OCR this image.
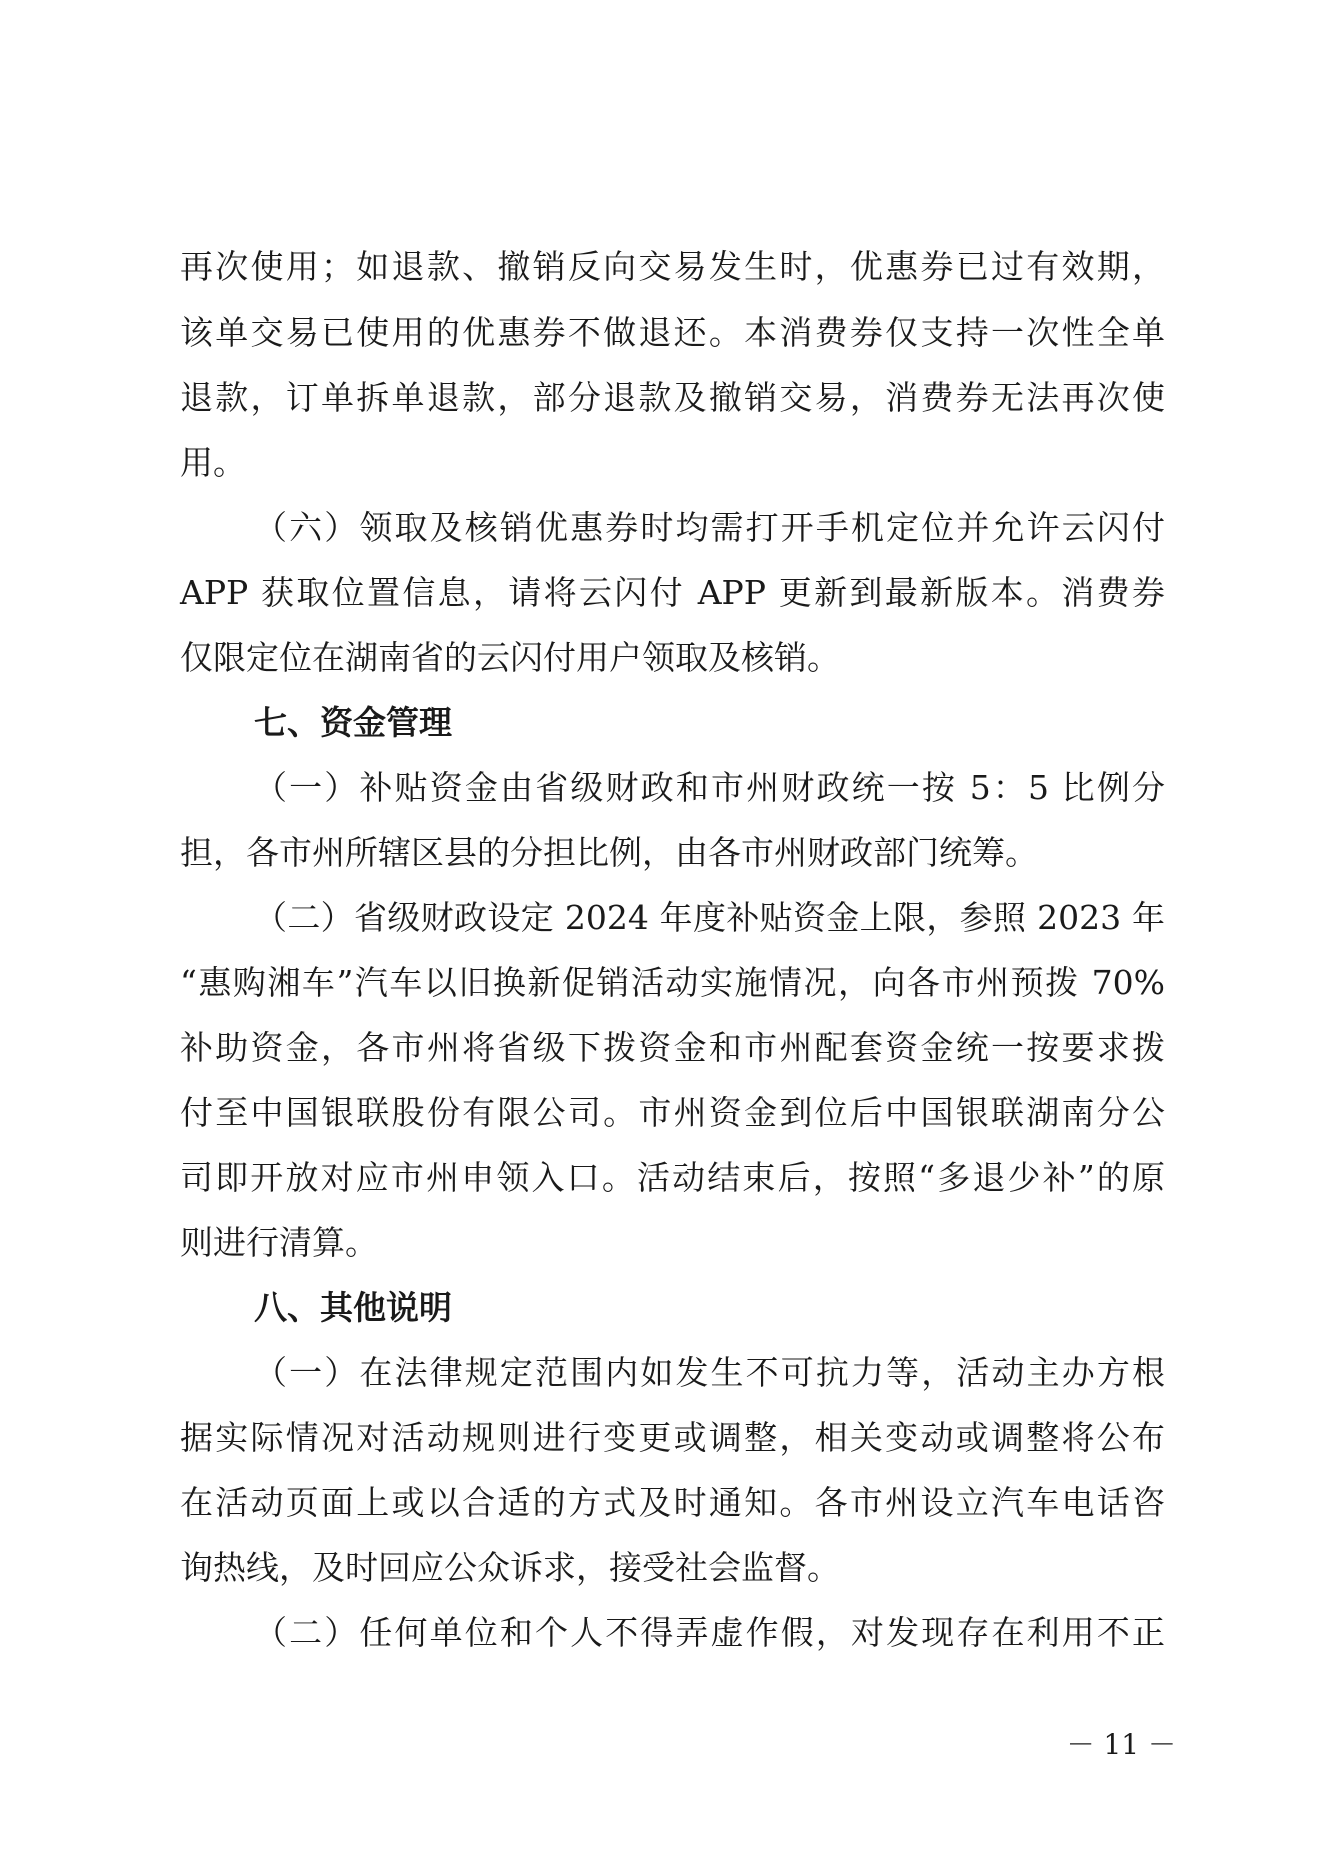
再次使用；如退款、撤销反向交易发生时，优惠券已过有效期，
该单交易已使用的优惠券不做退还。本消费券仅支持一次性全单
退款，订单拆单退款，部分退款及撤销交易，消费券无法再次使
用。
（六）领取及核销优惠券时均需打开手机定位并允许云闪付
APP 获取位置信息，请将云闪付 APP 更新到最新版本。消费券
仅限定位在湖南省的云闪付用户领取及核销。
七、资金管理
（一）补贴资金由省级财政和市州财政统一按 5：5 比例分
担，各市州所辖区县的分担比例，由各市州财政部门统筹。
（二）省级财政设定 2024 年度补贴资金上限，参照 2023 年
“惠购湘车”汽车以旧换新促销活动实施情况，向各市州预拨 70%
补助资金，各市州将省级下拨资金和市州配套资金统一按要求拨
付至中国银联股份有限公司。市州资金到位后中国银联湖南分公
司即开放对应市州申领入口。活动结束后，按照“多退少补”的原
则进行清算。
八、其他说明
（一）在法律规定范围内如发生不可抗力等，活动主办方根
据实际情况对活动规则进行变更或调整，相关变动或调整将公布
在活动页面上或以合适的方式及时通知。各市州设立汽车电话咨
询热线，及时回应公众诉求，接受社会监督。
（二）任何单位和个人不得弄虚作假，对发现存在利用不正
－ 11 －
